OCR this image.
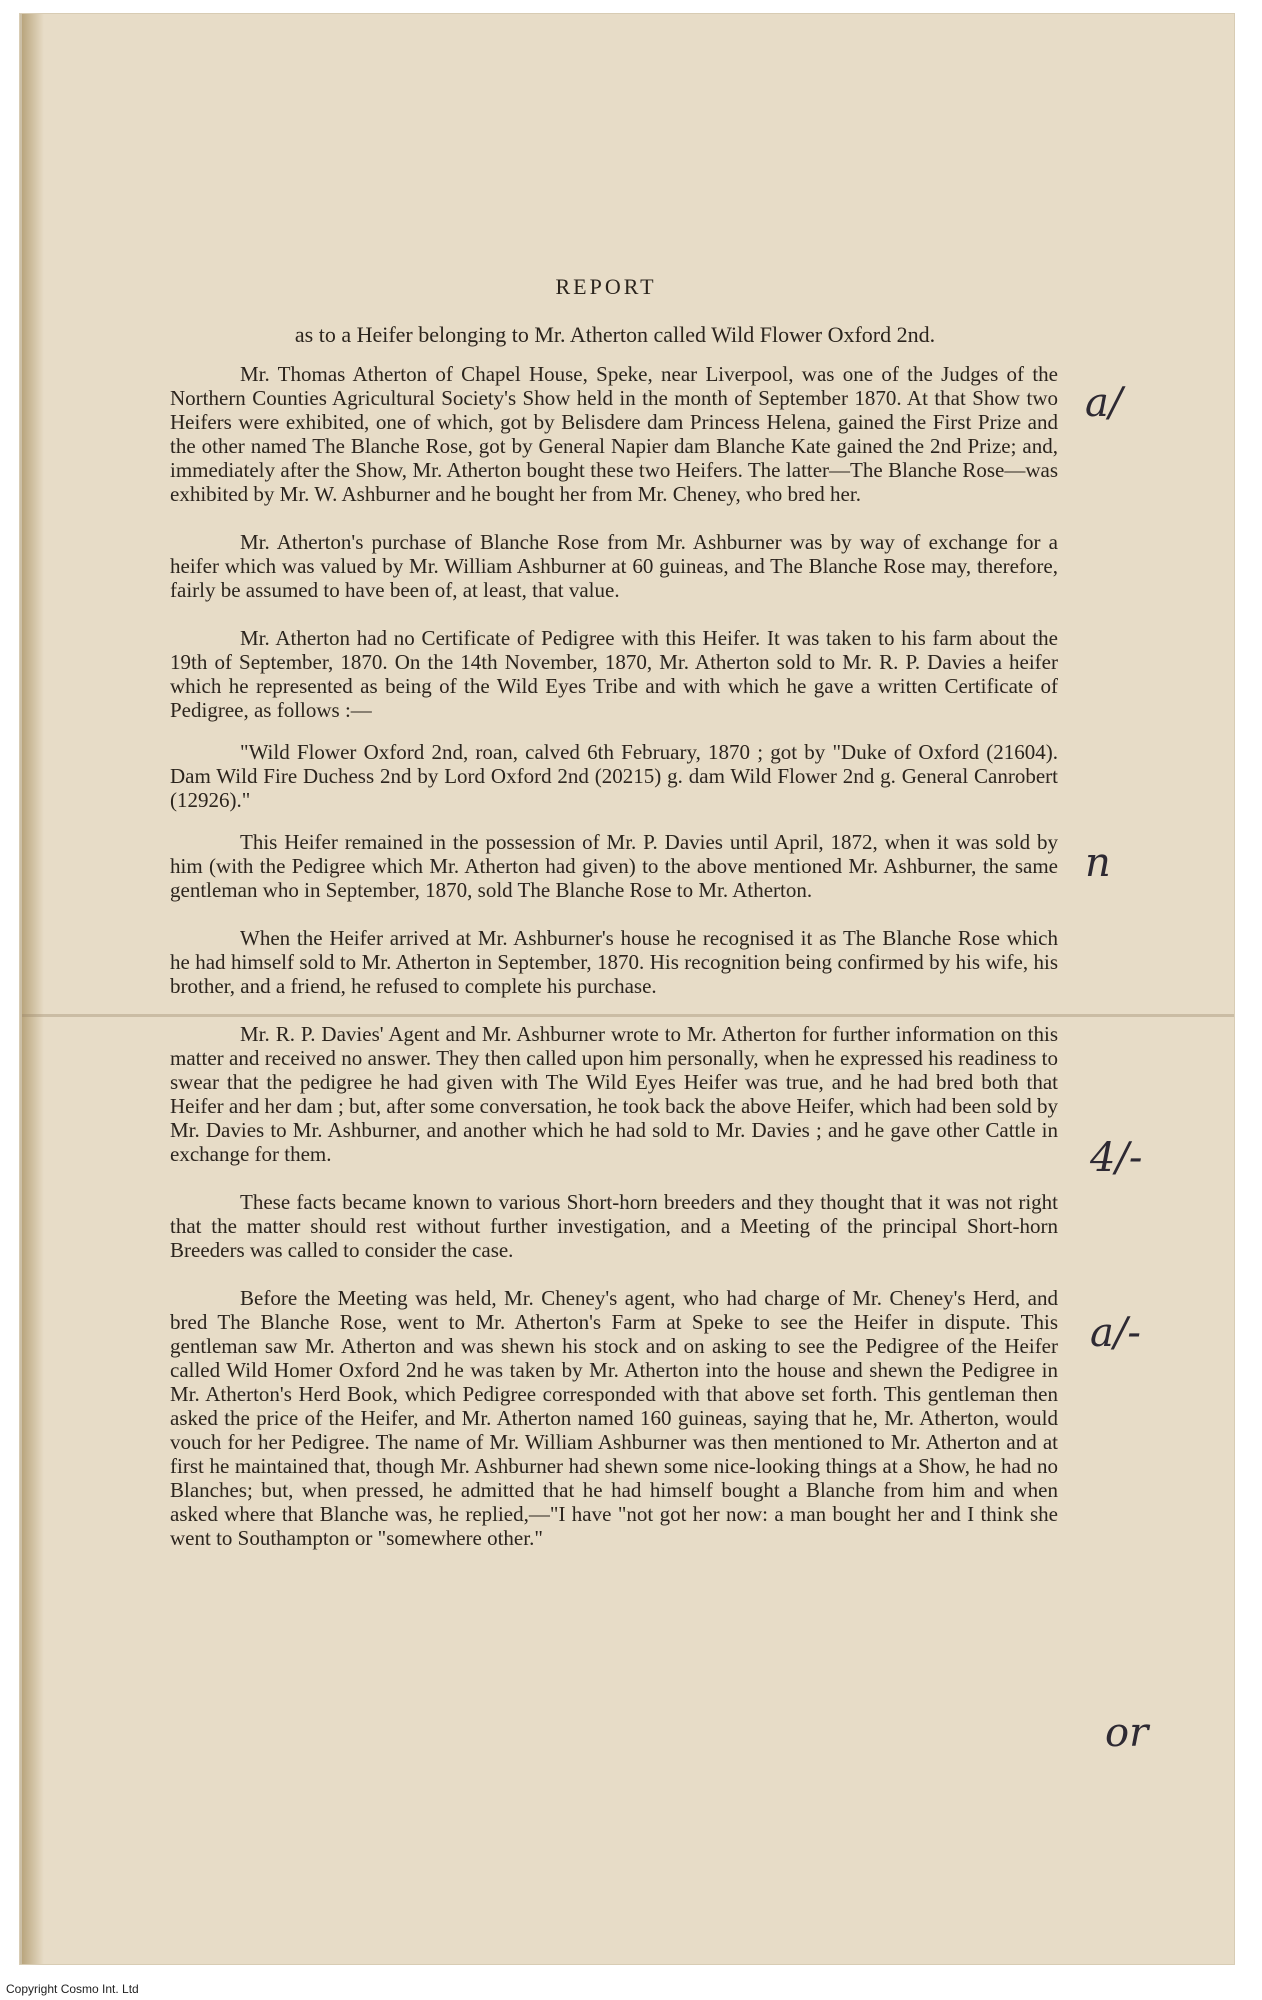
REPORT
as to a Heifer belonging to Mr. Atherton called Wild Flower Oxford 2nd.

Mr. Thomas Atherton of Chapel House, Speke, near Liverpool, was one of the Judges of the Northern Counties Agricultural Society's Show held in the month of September 1870. At that Show two Heifers were exhibited, one of which, got by Belisdere dam Princess Helena, gained the First Prize and the other named The Blanche Rose, got by General Napier dam Blanche Kate gained the 2nd Prize; and, immediately after the Show, Mr. Atherton bought these two Heifers. The latter—The Blanche Rose—was exhibited by Mr. W. Ashburner and he bought her from Mr. Cheney, who bred her.

Mr. Atherton's purchase of Blanche Rose from Mr. Ashburner was by way of exchange for a heifer which was valued by Mr. William Ashburner at 60 guineas, and The Blanche Rose may, therefore, fairly be assumed to have been of, at least, that value.

Mr. Atherton had no Certificate of Pedigree with this Heifer. It was taken to his farm about the 19th of September, 1870. On the 14th November, 1870, Mr. Atherton sold to Mr. R. P. Davies a heifer which he represented as being of the Wild Eyes Tribe and with which he gave a written Certificate of Pedigree, as follows :—

"Wild Flower Oxford 2nd, roan, calved 6th February, 1870 ; got by "Duke of Oxford (21604). Dam Wild Fire Duchess 2nd by Lord Oxford 2nd (20215) g. dam Wild Flower 2nd g. General Canrobert (12926)."

This Heifer remained in the possession of Mr. P. Davies until April, 1872, when it was sold by him (with the Pedigree which Mr. Atherton had given) to the above mentioned Mr. Ashburner, the same gentleman who in September, 1870, sold The Blanche Rose to Mr. Atherton.

When the Heifer arrived at Mr. Ashburner's house he recognised it as The Blanche Rose which he had himself sold to Mr. Atherton in September, 1870. His recognition being confirmed by his wife, his brother, and a friend, he refused to complete his purchase.

Mr. R. P. Davies' Agent and Mr. Ashburner wrote to Mr. Atherton for further information on this matter and received no answer. They then called upon him personally, when he expressed his readiness to swear that the pedigree he had given with The Wild Eyes Heifer was true, and he had bred both that Heifer and her dam ; but, after some conversation, he took back the above Heifer, which had been sold by Mr. Davies to Mr. Ashburner, and another which he had sold to Mr. Davies ; and he gave other Cattle in exchange for them.

These facts became known to various Short-horn breeders and they thought that it was not right that the matter should rest without further investigation, and a Meeting of the principal Short-horn Breeders was called to consider the case.

Before the Meeting was held, Mr. Cheney's agent, who had charge of Mr. Cheney's Herd, and bred The Blanche Rose, went to Mr. Atherton's Farm at Speke to see the Heifer in dispute. This gentleman saw Mr. Atherton and was shewn his stock and on asking to see the Pedigree of the Heifer called Wild Homer Oxford 2nd he was taken by Mr. Atherton into the house and shewn the Pedigree in Mr. Atherton's Herd Book, which Pedigree corresponded with that above set forth. This gentleman then asked the price of the Heifer, and Mr. Atherton named 160 guineas, saying that he, Mr. Atherton, would vouch for her Pedigree. The name of Mr. William Ashburner was then mentioned to Mr. Atherton and at first he maintained that, though Mr. Ashburner had shewn some nice-looking things at a Show, he had no Blanches; but, when pressed, he admitted that he had himself bought a Blanche from him and when asked where that Blanche was, he replied,—"I have "not got her now: a man bought her and I think she went to Southampton or "somewhere other."

a/
n
4/-
a/-
or
Copyright Cosmo Int. Ltd
